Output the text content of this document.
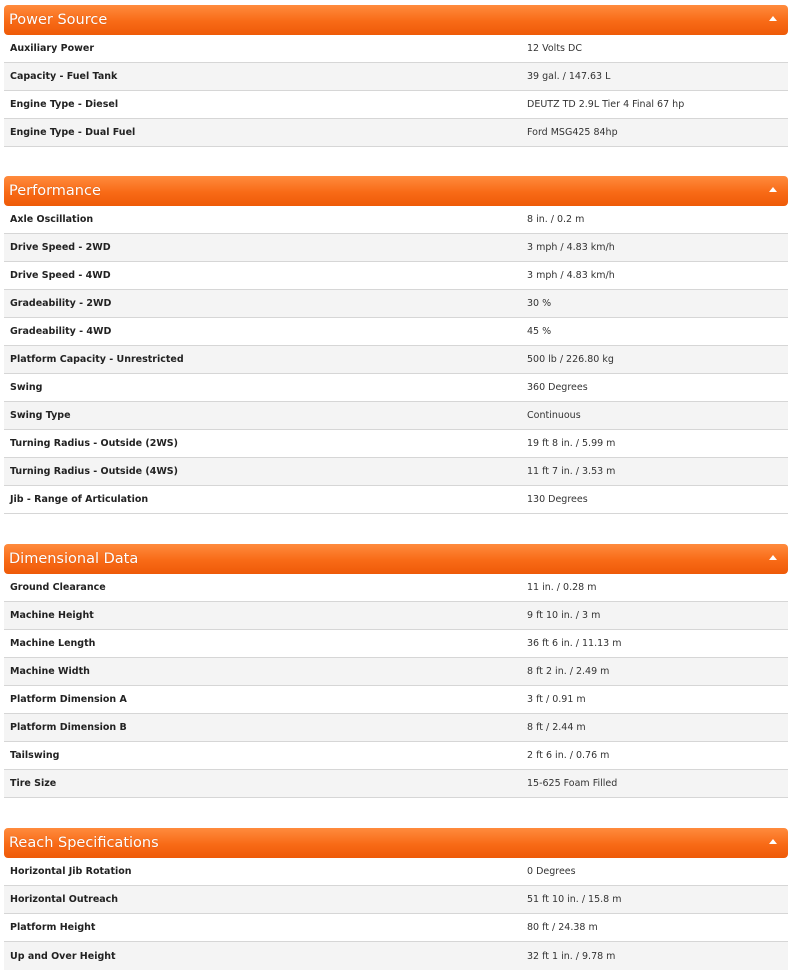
Power Source
Auxiliary Power	12 Volts DC
Capacity - Fuel Tank	39 gal. / 147.63 L
Engine Type - Diesel	DEUTZ TD 2.9L Tier 4 Final 67 hp
Engine Type - Dual Fuel	Ford MSG425 84hp
Performance
Axle Oscillation	8 in. / 0.2 m
Drive Speed - 2WD	3 mph / 4.83 km/h
Drive Speed - 4WD	3 mph / 4.83 km/h
Gradeability - 2WD	30 %
Gradeability - 4WD	45 %
Platform Capacity - Unrestricted	500 lb / 226.80 kg
Swing	360 Degrees
Swing Type	Continuous
Turning Radius - Outside (2WS)	19 ft 8 in. / 5.99 m
Turning Radius - Outside (4WS)	11 ft 7 in. / 3.53 m
Jib - Range of Articulation	130 Degrees
Dimensional Data
Ground Clearance	11 in. / 0.28 m
Machine Height	9 ft 10 in. / 3 m
Machine Length	36 ft 6 in. / 11.13 m
Machine Width	8 ft 2 in. / 2.49 m
Platform Dimension A	3 ft / 0.91 m
Platform Dimension B	8 ft / 2.44 m
Tailswing	2 ft 6 in. / 0.76 m
Tire Size	15-625 Foam Filled
Reach Specifications
Horizontal Jib Rotation	0 Degrees
Horizontal Outreach	51 ft 10 in. / 15.8 m
Platform Height	80 ft / 24.38 m
Up and Over Height	32 ft 1 in. / 9.78 m
